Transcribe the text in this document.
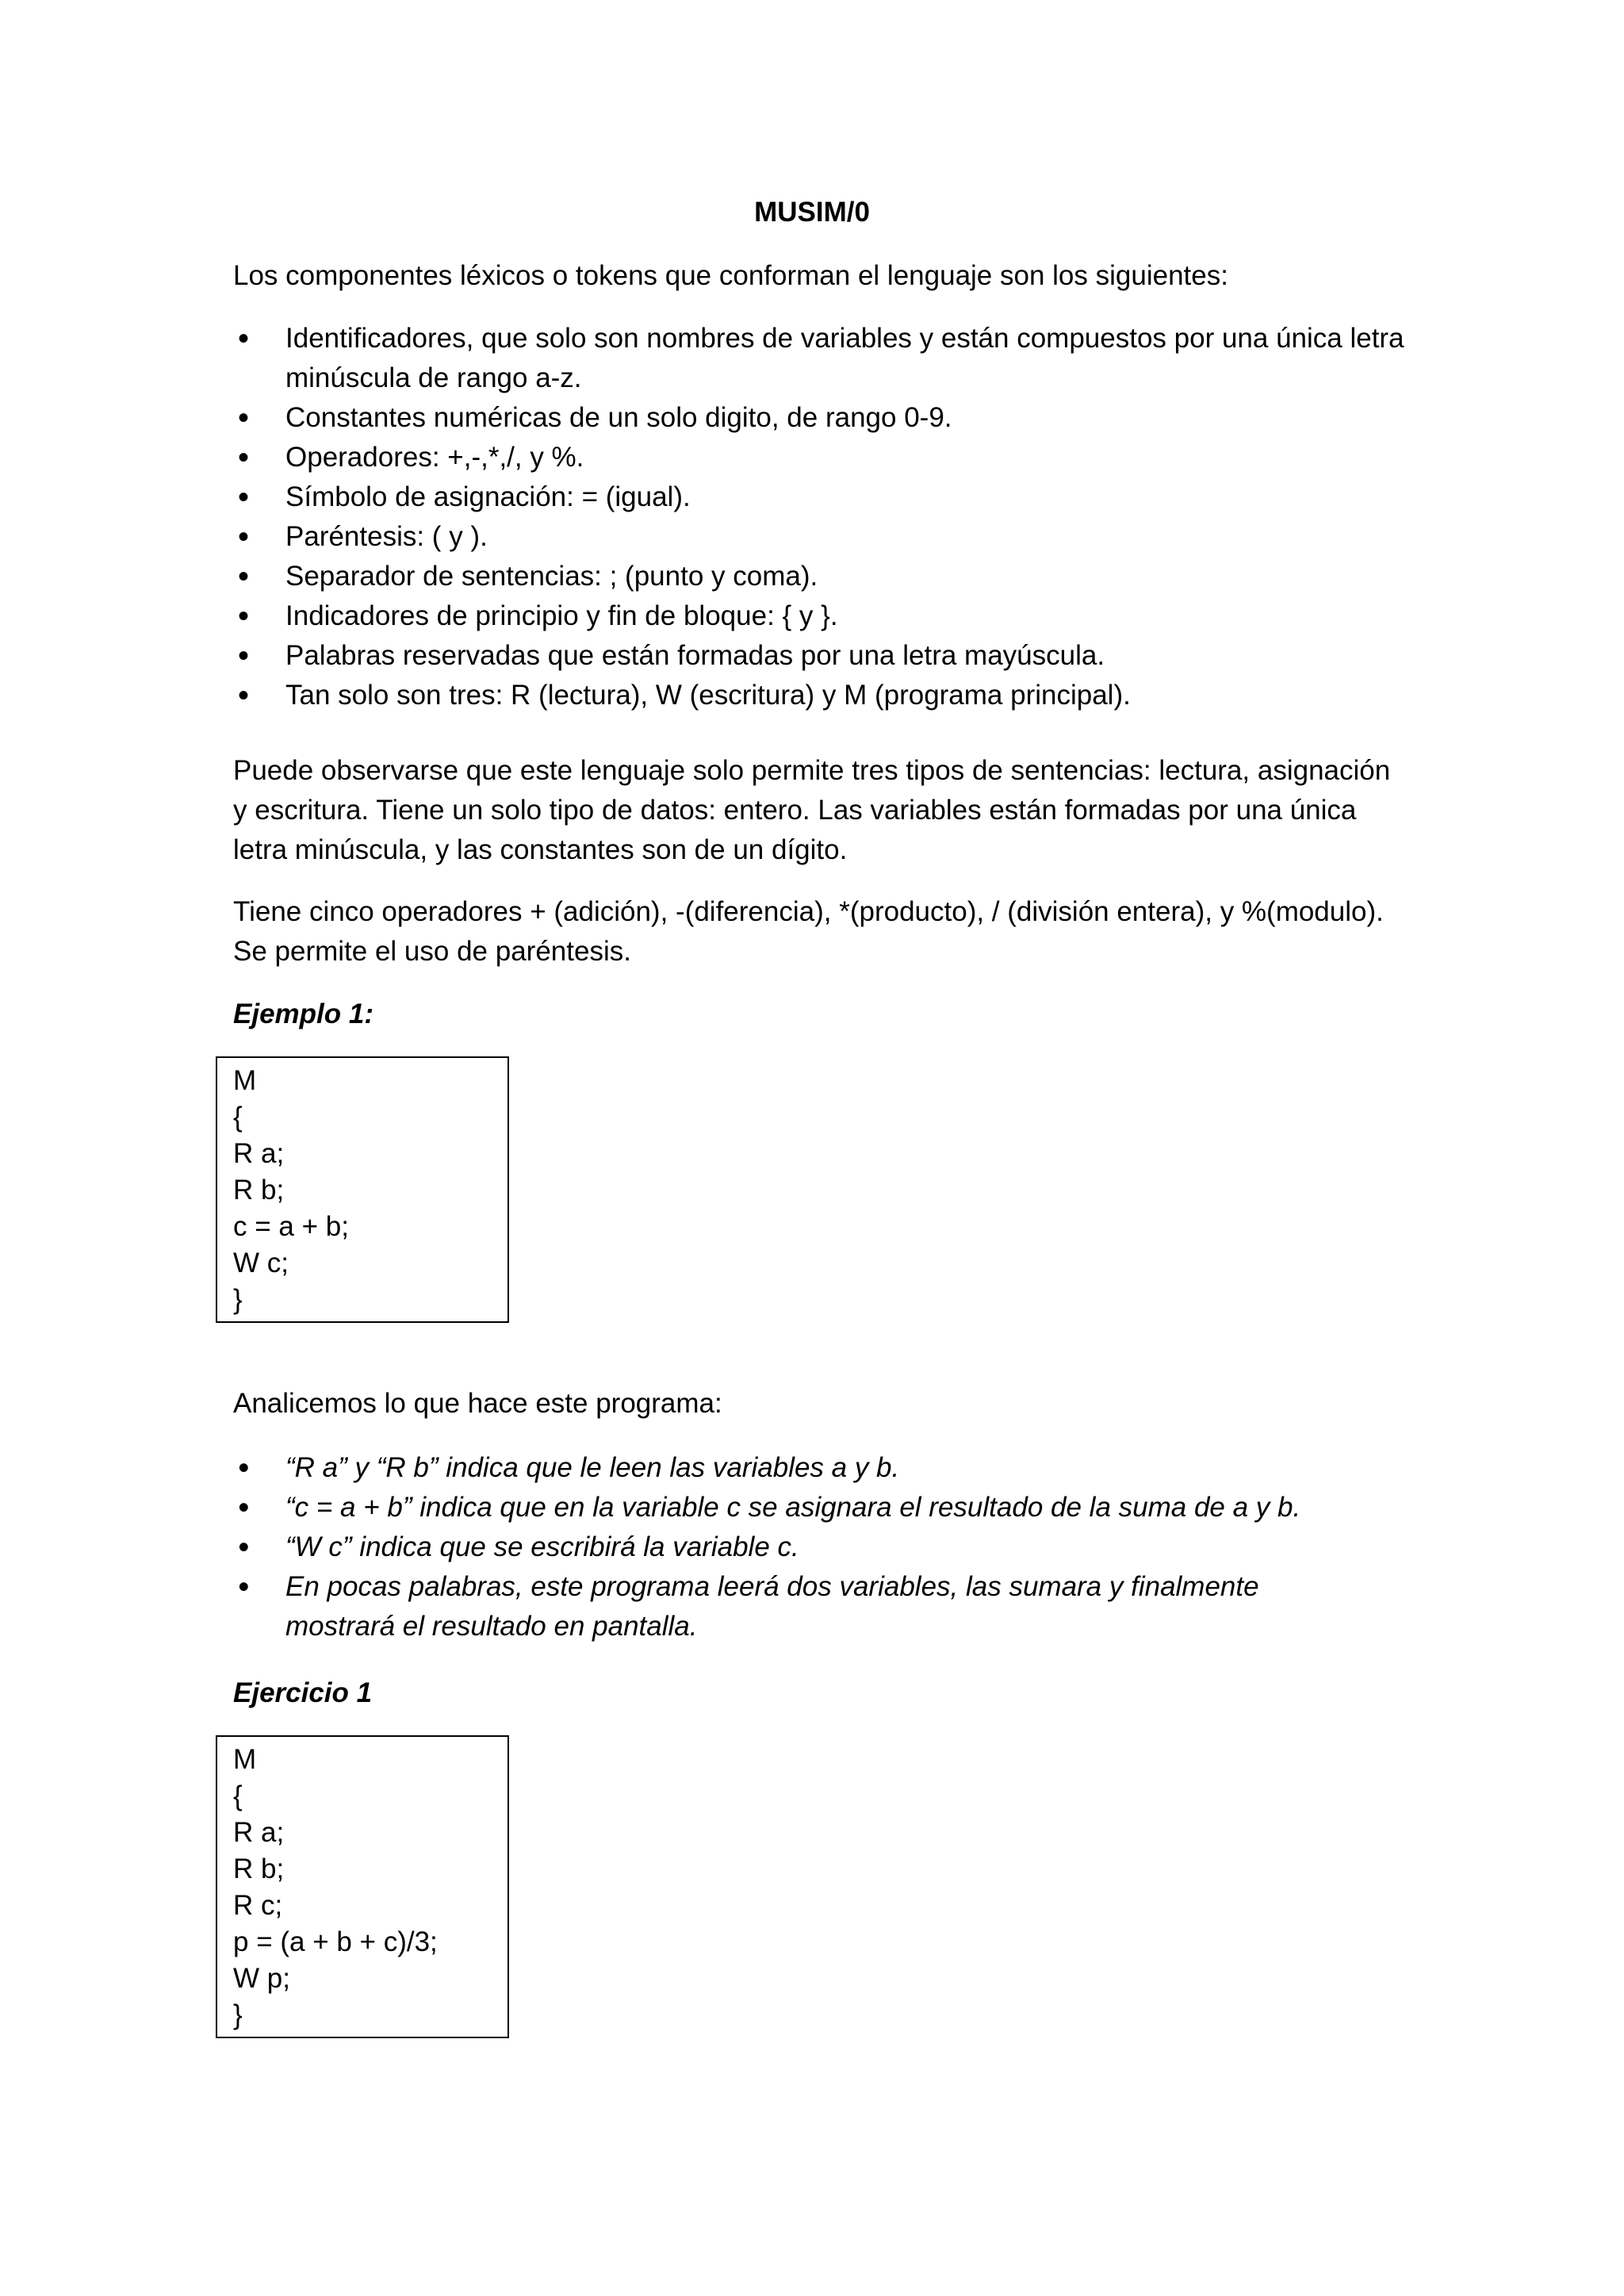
MUSIM/0
Los componentes léxicos o tokens que conforman el lenguaje son los siguientes:
• Identificadores, que solo son nombres de variables y están compuestos por una única letra minúscula de rango a-z.
• Constantes numéricas de un solo digito, de rango 0-9.
• Operadores: +,-,*,/, y %.
• Símbolo de asignación: = (igual).
• Paréntesis: ( y ).
• Separador de sentencias: ; (punto y coma).
• Indicadores de principio y fin de bloque: { y }.
• Palabras reservadas que están formadas por una letra mayúscula.
• Tan solo son tres: R (lectura), W (escritura) y M (programa principal).
Puede observarse que este lenguaje solo permite tres tipos de sentencias: lectura, asignación y escritura. Tiene un solo tipo de datos: entero. Las variables están formadas por una única letra minúscula, y las constantes son de un dígito.
Tiene cinco operadores + (adición), -(diferencia), *(producto), / (división entera), y %(modulo). Se permite el uso de paréntesis.
Ejemplo 1:
M
{
R a;
R b;
c = a + b;
W c;
}
Analicemos lo que hace este programa:
• “R a” y “R b” indica que le leen las variables a y b.
• “c = a + b” indica que en la variable c se asignara el resultado de la suma de a y b.
• “W c” indica que se escribirá la variable c.
• En pocas palabras, este programa leerá dos variables, las sumara y finalmente mostrará el resultado en pantalla.
Ejercicio 1
M
{
R a;
R b;
R c;
p = (a + b + c)/3;
W p;
}
